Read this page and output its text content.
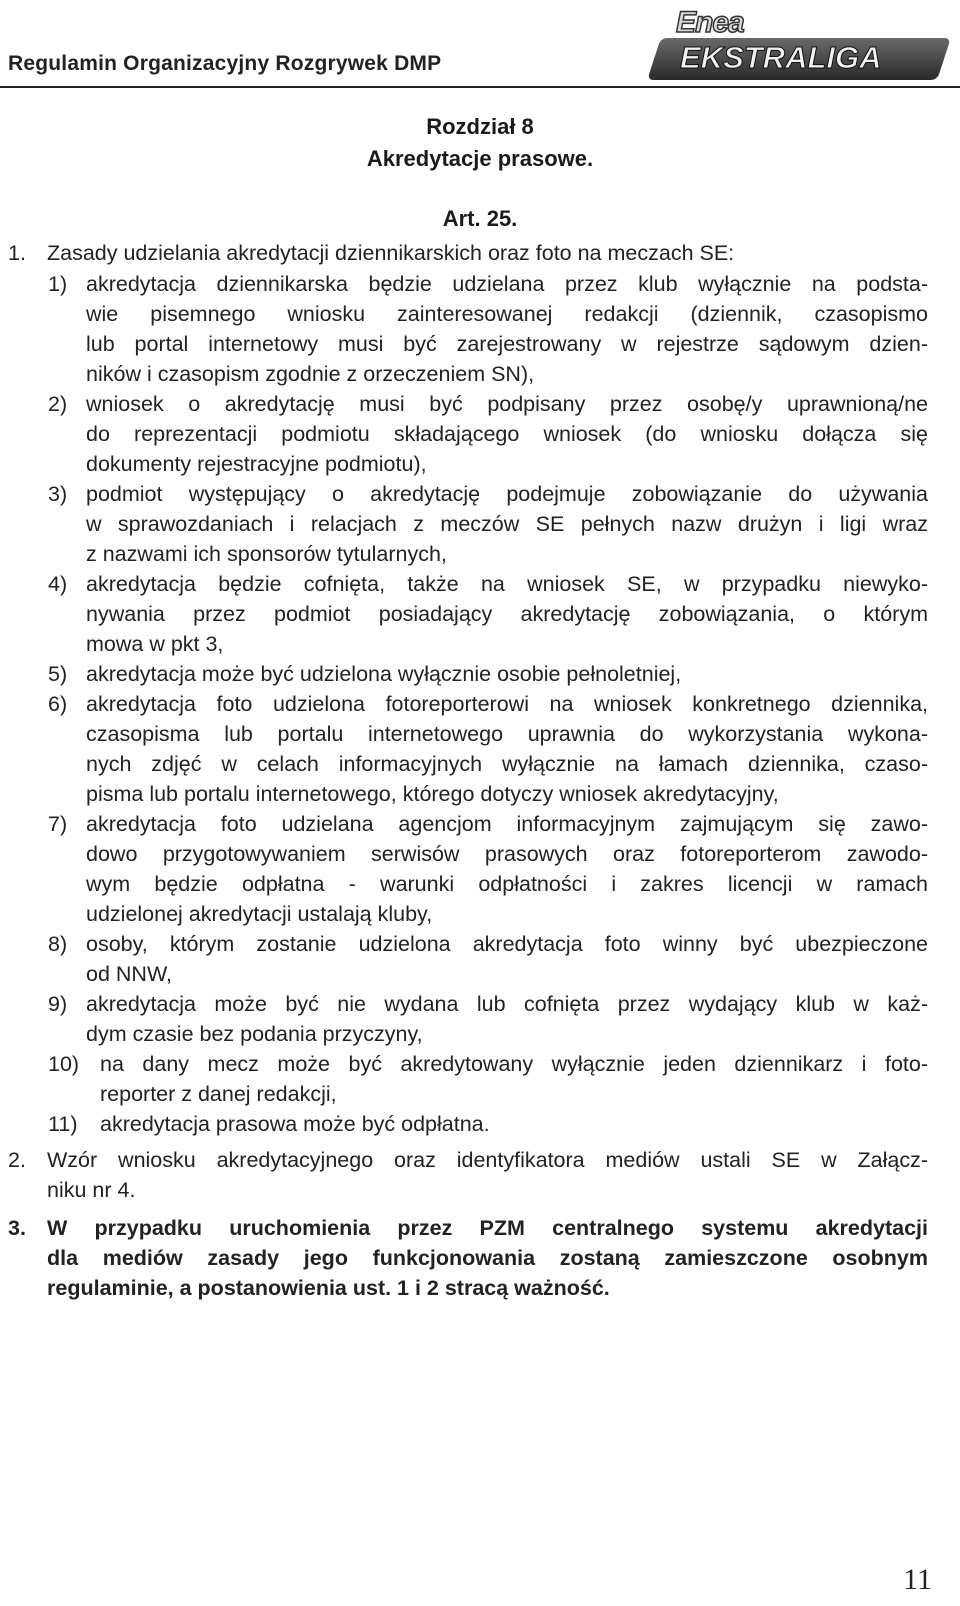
Regulamin Organizacyjny Rozgrywek DMP
Enea
EKSTRALIGA
Rozdział 8
Akredytacje prasowe.
Art. 25.
1. Zasady udzielania akredytacji dziennikarskich oraz foto na meczach SE:
1) akredytacja dziennikarska będzie udzielana przez klub wyłącznie na podsta-
wie pisemnego wniosku zainteresowanej redakcji (dziennik, czasopismo
lub portal internetowy musi być zarejestrowany w rejestrze sądowym dzien-
ników i czasopism zgodnie z orzeczeniem SN),
2) wniosek o akredytację musi być podpisany przez osobę/y uprawnioną/ne
do reprezentacji podmiotu składającego wniosek (do wniosku dołącza się
dokumenty rejestracyjne podmiotu),
3) podmiot występujący o akredytację podejmuje zobowiązanie do używania
w sprawozdaniach i relacjach z meczów SE pełnych nazw drużyn i ligi wraz
z nazwami ich sponsorów tytularnych,
4) akredytacja będzie cofnięta, także na wniosek SE, w przypadku niewyko-
nywania przez podmiot posiadający akredytację zobowiązania, o którym
mowa w pkt 3,
5) akredytacja może być udzielona wyłącznie osobie pełnoletniej,
6) akredytacja foto udzielona fotoreporterowi na wniosek konkretnego dziennika,
czasopisma lub portalu internetowego uprawnia do wykorzystania wykona-
nych zdjęć w celach informacyjnych wyłącznie na łamach dziennika, czaso-
pisma lub portalu internetowego, którego dotyczy wniosek akredytacyjny,
7) akredytacja foto udzielana agencjom informacyjnym zajmującym się zawo-
dowo przygotowywaniem serwisów prasowych oraz fotoreporterom zawodo-
wym będzie odpłatna - warunki odpłatności i zakres licencji w ramach
udzielonej akredytacji ustalają kluby,
8) osoby, którym zostanie udzielona akredytacja foto winny być ubezpieczone
od NNW,
9) akredytacja może być nie wydana lub cofnięta przez wydający klub w każ-
dym czasie bez podania przyczyny,
10) na dany mecz może być akredytowany wyłącznie jeden dziennikarz i foto-
reporter z danej redakcji,
11) akredytacja prasowa może być odpłatna.
2. Wzór wniosku akredytacyjnego oraz identyfikatora mediów ustali SE w Załącz-
niku nr 4.
3. W przypadku uruchomienia przez PZM centralnego systemu akredytacji
dla mediów zasady jego funkcjonowania zostaną zamieszczone osobnym
regulaminie, a postanowienia ust. 1 i 2 stracą ważność.
11
